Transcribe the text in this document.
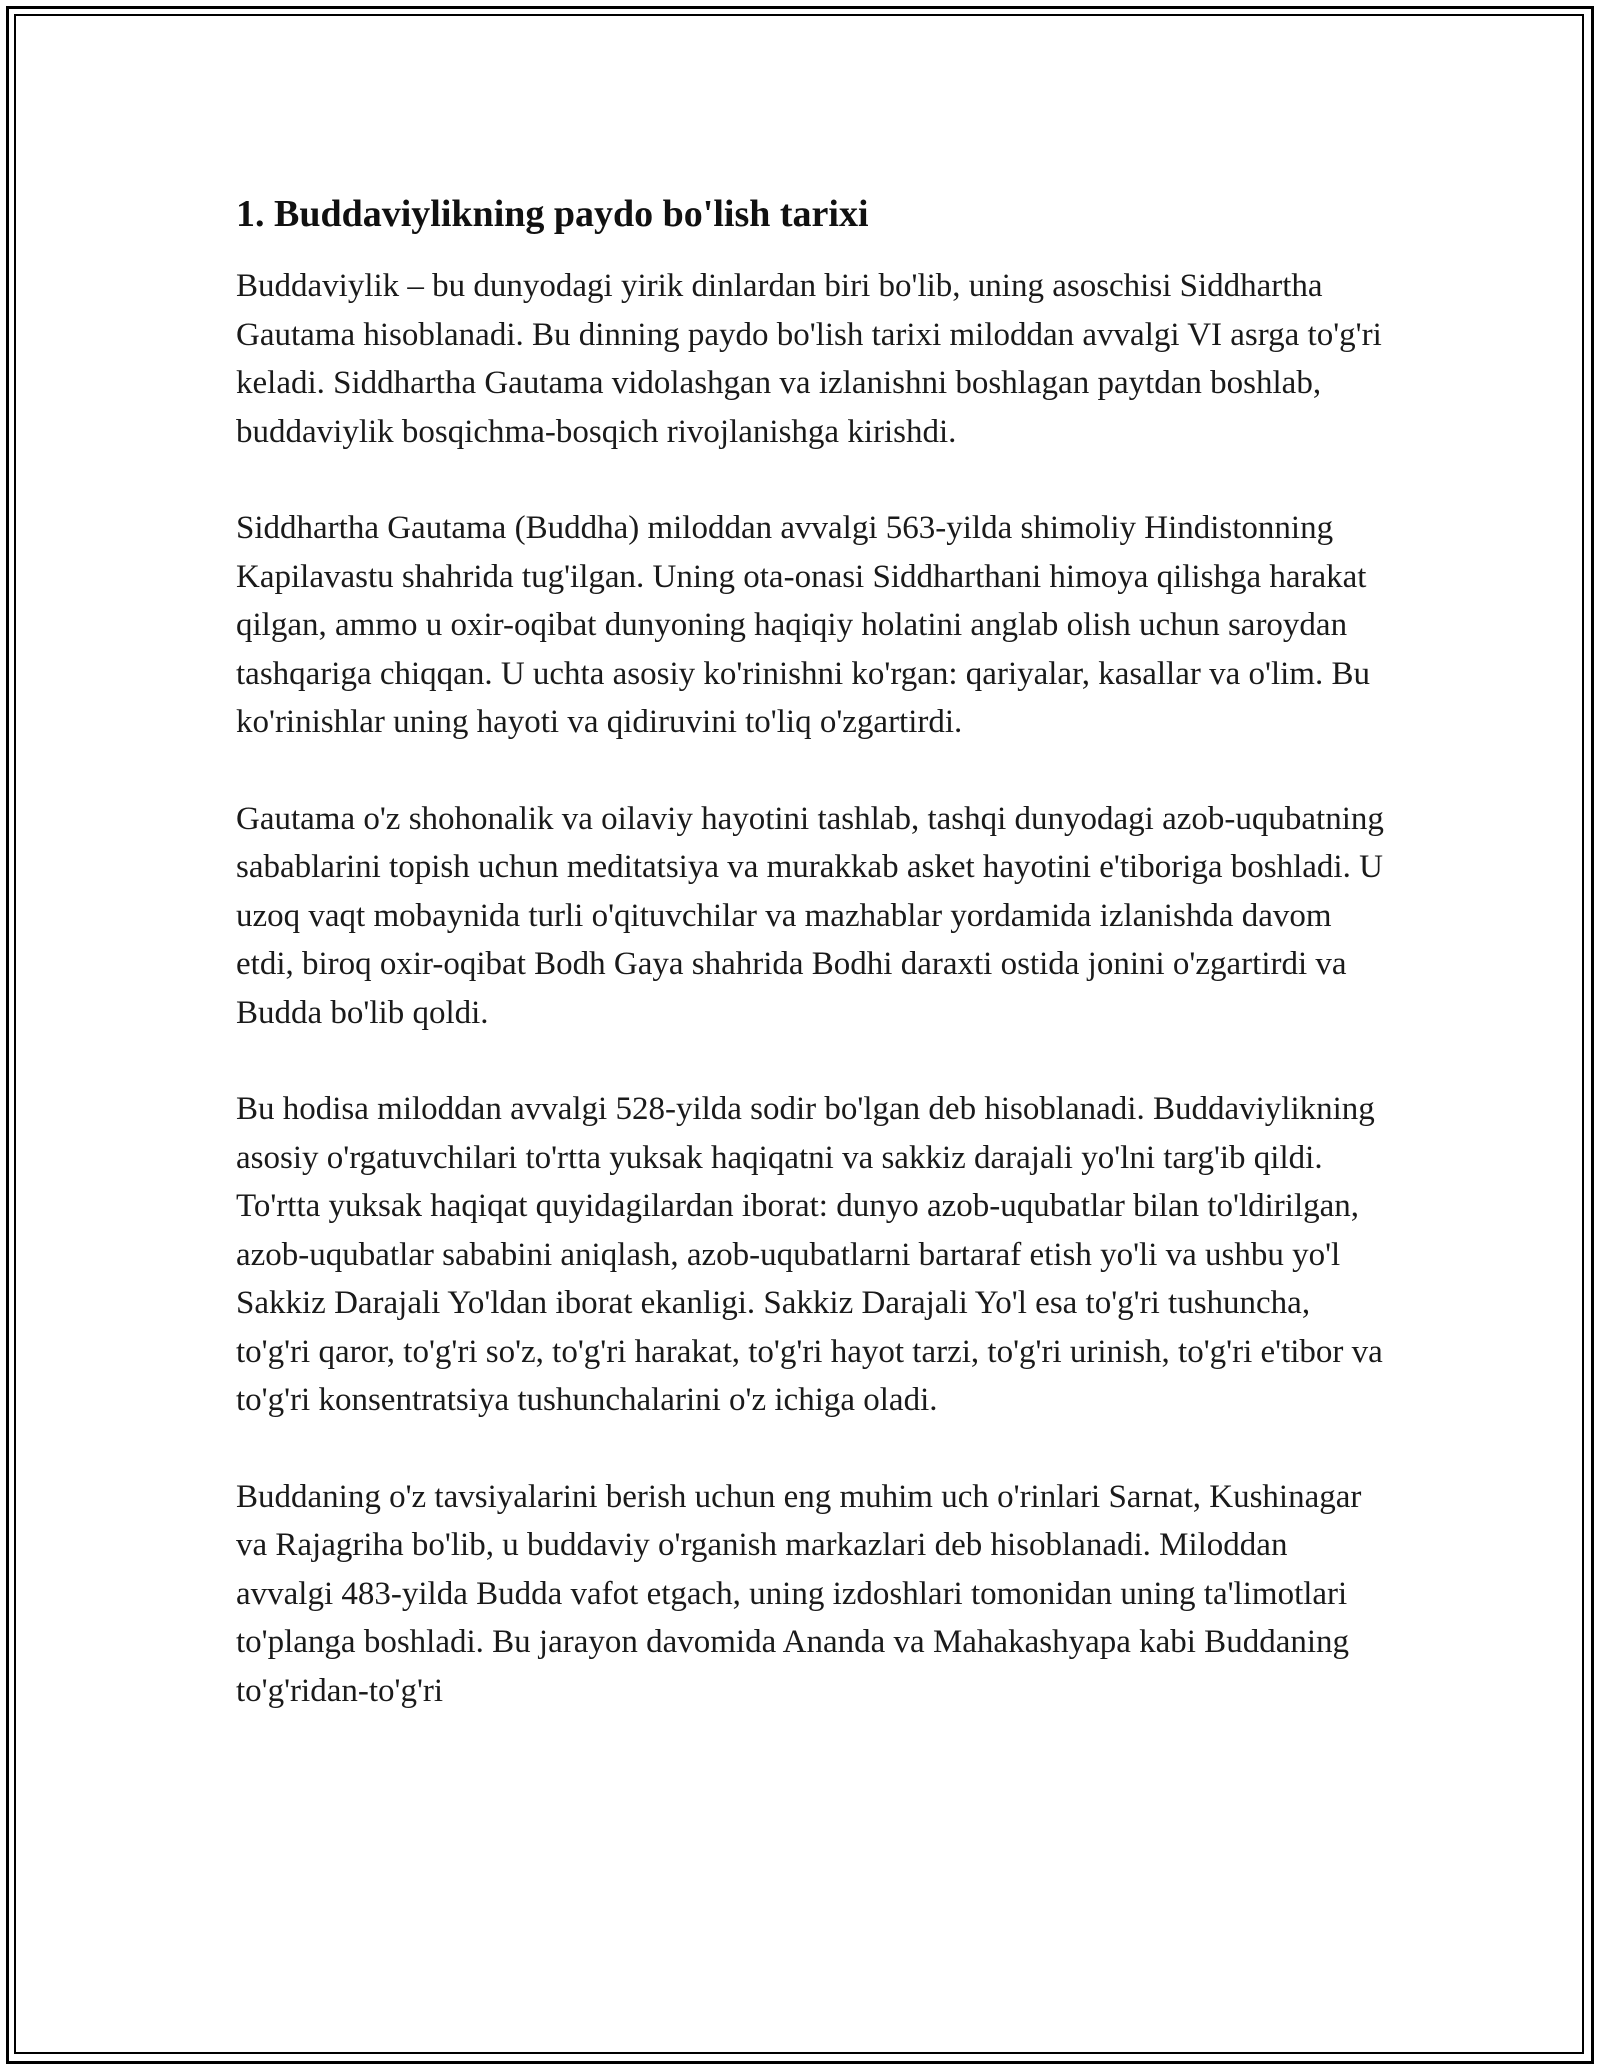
1. Buddaviylikning paydo bo'lish tarixi

Buddaviylik – bu dunyodagi yirik dinlardan biri bo'lib, uning asoschisi Siddhartha Gautama hisoblanadi. Bu dinning paydo bo'lish tarixi miloddan avvalgi VI asrga to'g'ri keladi. Siddhartha Gautama vidolashgan va izlanishni boshlagan paytdan boshlab, buddaviylik bosqichma-bosqich rivojlanishga kirishdi.

Siddhartha Gautama (Buddha) miloddan avvalgi 563-yilda shimoliy Hindistonning Kapilavastu shahrida tug'ilgan. Uning ota-onasi Siddharthani himoya qilishga harakat qilgan, ammo u oxir-oqibat dunyoning haqiqiy holatini anglab olish uchun saroydan tashqariga chiqqan. U uchta asosiy ko'rinishni ko'rgan: qariyalar, kasallar va o'lim. Bu ko'rinishlar uning hayoti va qidiruvini to'liq o'zgartirdi.

Gautama o'z shohonalik va oilaviy hayotini tashlab, tashqi dunyodagi azob-uqubatning sabablarini topish uchun meditatsiya va murakkab asket hayotini e'tiboriga boshladi. U uzoq vaqt mobaynida turli o'qituvchilar va mazhablar yordamida izlanishda davom etdi, biroq oxir-oqibat Bodh Gaya shahrida Bodhi daraxti ostida jonini o'zgartirdi va Budda bo'lib qoldi.

Bu hodisa miloddan avvalgi 528-yilda sodir bo'lgan deb hisoblanadi. Buddaviylikning asosiy o'rgatuvchilari to'rtta yuksak haqiqatni va sakkiz darajali yo'lni targ'ib qildi. To'rtta yuksak haqiqat quyidagilardan iborat: dunyo azob-uqubatlar bilan to'ldirilgan, azob-uqubatlar sababini aniqlash, azob-uqubatlarni bartaraf etish yo'li va ushbu yo'l Sakkiz Darajali Yo'ldan iborat ekanligi. Sakkiz Darajali Yo'l esa to'g'ri tushuncha, to'g'ri qaror, to'g'ri so'z, to'g'ri harakat, to'g'ri hayot tarzi, to'g'ri urinish, to'g'ri e'tibor va to'g'ri konsentratsiya tushunchalarini o'z ichiga oladi.

Buddaning o'z tavsiyalarini berish uchun eng muhim uch o'rinlari Sarnat, Kushinagar va Rajagriha bo'lib, u buddaviy o'rganish markazlari deb hisoblanadi. Miloddan avvalgi 483-yilda Budda vafot etgach, uning izdoshlari tomonidan uning ta'limotlari to'planga boshladi. Bu jarayon davomida Ananda va Mahakashyapa kabi Buddaning to'g'ridan-to'g'ri
